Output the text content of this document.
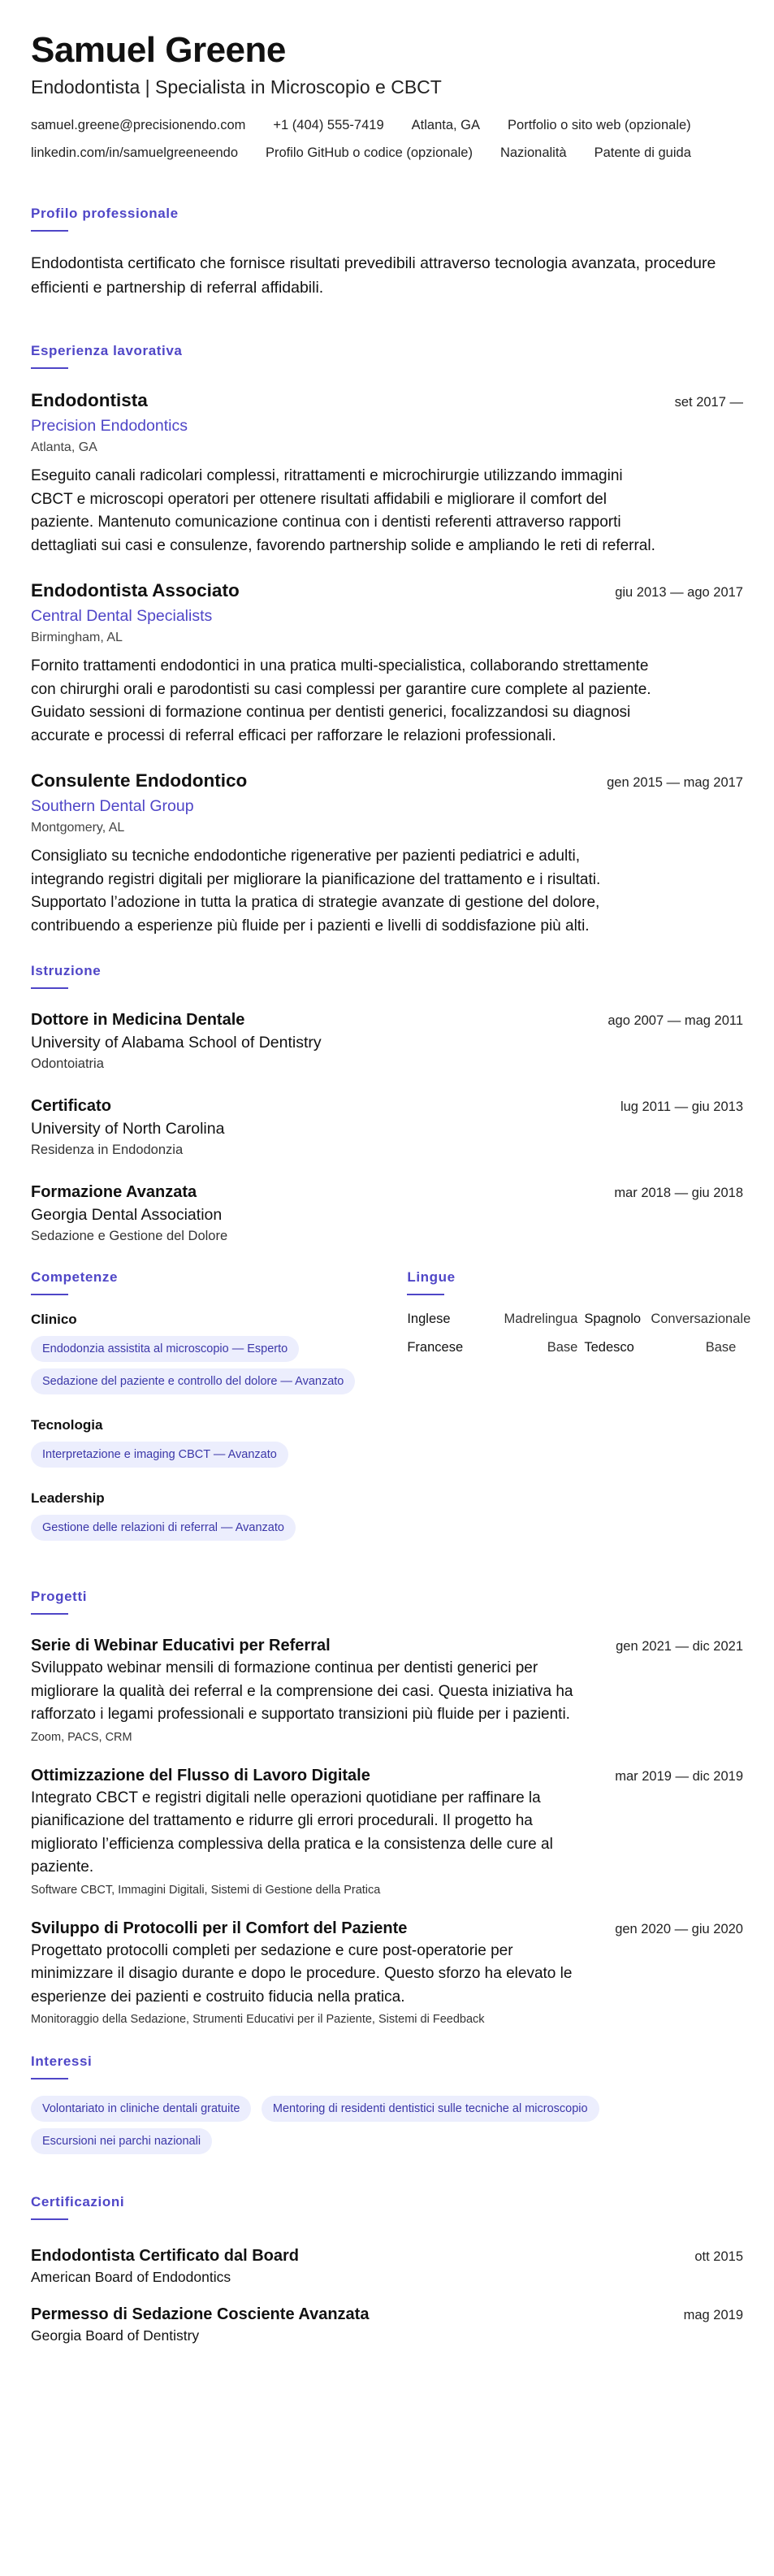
Samuel Greene
Endodontista | Specialista in Microscopio e CBCT
samuel.greene@precisionendo.com +1 (404) 555-7419 Atlanta, GA Portfolio o sito web (opzionale)
linkedin.com/in/samuelgreeneendo Profilo GitHub o codice (opzionale) Nazionalità Patente di guida
Profilo professionale

Endodontista certificato che fornisce risultati prevedibili attraverso tecnologia avanzata, procedure efficienti e partnership di referral affidabili.

Esperienza lavorativa
Endodontista	set 2017 —
Precision Endodontics
Atlanta, GA

Eseguito canali radicolari complessi, ritrattamenti e microchirurgie utilizzando immagini CBCT e microscopi operatori per ottenere risultati affidabili e migliorare il comfort del paziente. Mantenuto comunicazione continua con i dentisti referenti attraverso rapporti dettagliati sui casi e consulenze, favorendo partnership solide e ampliando le reti di referral.

Endodontista Associato	giu 2013 — ago 2017
Central Dental Specialists
Birmingham, AL

Fornito trattamenti endodontici in una pratica multi-specialistica, collaborando strettamente con chirurghi orali e parodontisti su casi complessi per garantire cure complete al paziente. Guidato sessioni di formazione continua per dentisti generici, focalizzandosi su diagnosi accurate e processi di referral efficaci per rafforzare le relazioni professionali.

Consulente Endodontico	gen 2015 — mag 2017
Southern Dental Group
Montgomery, AL

Consigliato su tecniche endodontiche rigenerative per pazienti pediatrici e adulti, integrando registri digitali per migliorare la pianificazione del trattamento e i risultati. Supportato l’adozione in tutta la pratica di strategie avanzate di gestione del dolore, contribuendo a esperienze più fluide per i pazienti e livelli di soddisfazione più alti.

Istruzione
Dottore in Medicina Dentale	ago 2007 — mag 2011
University of Alabama School of Dentistry
Odontoiatria
Certificato	lug 2011 — giu 2013
University of North Carolina
Residenza in Endodonzia
Formazione Avanzata	mar 2018 — giu 2018
Georgia Dental Association
Sedazione e Gestione del Dolore
Competenze
Clinico
Endodonzia assistita al microscopio — Esperto
Sedazione del paziente e controllo del dolore — Avanzato
Tecnologia
Interpretazione e imaging CBCT — Avanzato
Leadership
Gestione delle relazioni di referral — Avanzato
Lingue
Inglese	Madrelingua Spagnolo Conversazionale
Francese	Base Tedesco	Base
Progetti
Serie di Webinar Educativi per Referral	gen 2021 — dic 2021

Sviluppato webinar mensili di formazione continua per dentisti generici per migliorare la qualità dei referral e la comprensione dei casi. Questa iniziativa ha rafforzato i legami professionali e supportato transizioni più fluide per i pazienti.

Zoom, PACS, CRM
Ottimizzazione del Flusso di Lavoro Digitale	mar 2019 — dic 2019

Integrato CBCT e registri digitali nelle operazioni quotidiane per raffinare la pianificazione del trattamento e ridurre gli errori procedurali. Il progetto ha migliorato l’efficienza complessiva della pratica e la consistenza delle cure al paziente.

Software CBCT, Immagini Digitali, Sistemi di Gestione della Pratica
Sviluppo di Protocolli per il Comfort del Paziente	gen 2020 — giu 2020

Progettato protocolli completi per sedazione e cure post-operatorie per minimizzare il disagio durante e dopo le procedure. Questo sforzo ha elevato le esperienze dei pazienti e costruito fiducia nella pratica.

Monitoraggio della Sedazione, Strumenti Educativi per il Paziente, Sistemi di Feedback
Interessi
Volontariato in cliniche dentali gratuite	Mentoring di residenti dentistici sulle tecniche al microscopio
Escursioni nei parchi nazionali
Certificazioni
Endodontista Certificato dal Board	ott 2015
American Board of Endodontics
Permesso di Sedazione Cosciente Avanzata	mag 2019
Georgia Board of Dentistry
